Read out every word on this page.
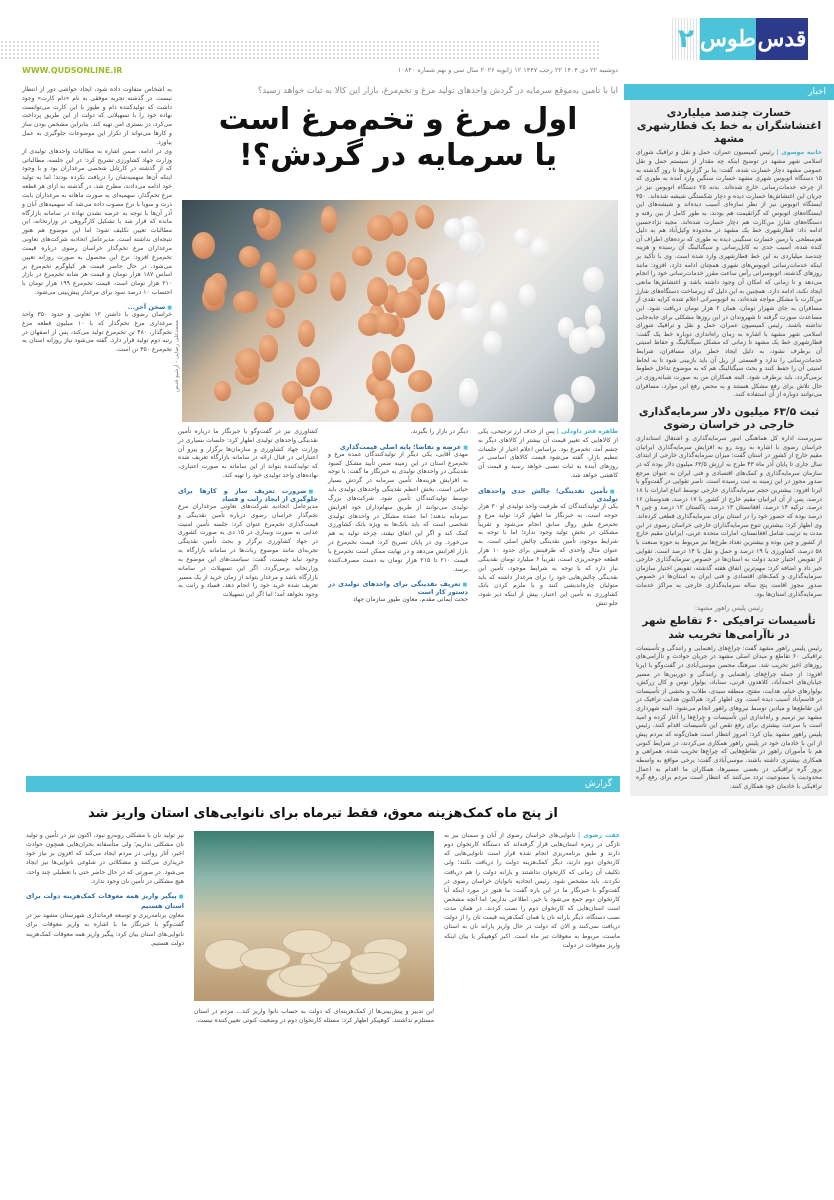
۲ طوس قدس
دوشنبه ۲۲ دی ۱۴۰۴ ۲۲ رجب ۱۴۴۷ ۱۲ ژانویه ۲۰۲۶ سال سی و نهم شماره ۱۰۸۴۰
WWW.QUDSONLINE.IR
اخبار
خسارت چندصد میلیاردی اغتشاشگران به خط یک قطارشهری مشهد

حانیه موسوی | رئیس کمیسیون عمران، حمل و نقل و ترافیک شورای اسلامی شهر مشهد در توضیح اینکه چه مقدار از سیستم حمل و نقل عمومی مشهد دچار خسارت شده، گفت: بنا بر گزارش‌ها تا روز گذشته به ۱۵ دستگاه اتوبوس شهری مشهد خسارت سنگین وارد آمده به طوری که از چرخه خدمات‌رسانی خارج شده‌اند. بدنه ۲۵ دستگاه اتوبوس نیز در جریان این اغتشاش‌ها خسارت دیده و دچار شکستگی شیشه شده‌اند. ۳۵۰ ایستگاه اتوبوس نیز از نظر سازه‌ای آسیب دیده‌اند و شیشه‌های این ایستگاه‌های اتوبوس که گرانقیمت هم بودند، به طور کامل از بین رفته و دستگاه‌های شارژ من‌کارت هم دچار خسارت شده‌اند. مجید نژادحسین ادامه داد: قطارشهری خط یک مشهد در محدوده وکیل‌آباد هم به دلیل هم‌سطحی با زمین خسارت سنگینی دیده به طوری که نرده‌های اطراف آن کنده شده، آسیب جدی به کابل‌رسانی و سیگنالینگ آن رسیده و هزینه چندصد میلیاردی به این خط قطارشهری وارد شده است. وی با تأکید بر اینکه خدمات‌رسانی اتوبوس‌های شهری همچنان ادامه دارد، افزود: مانند روزهای گذشته، اتوبوسرانی رأس ساعت مقرر خدمات‌رسانی خود را انجام می‌دهد و تا زمانی که امکان آن وجود داشته باشد و اغتشاش‌ها مانعی ایجاد نکند، ادامه دارد. همچنین به این دلیل که زیرساخت دستگاه‌های شارژ من‌کارت با مشکل مواجه شده‌اند، به اتوبوسرانی اعلام شده کرایه نقدی از مسافران به جای شهزار تومان، همان ۲ هزار تومان دریافت شود. این مساعدت صورت گرفته تا شهروندان در این روزها مشکلی برای جابه‌جایی نداشته باشند. رئیس کمیسیون عمران، حمل و نقل و ترافیک شورای اسلامی شهر مشهد با اشاره به زمان راه‌اندازی دوباره خط یک گفت: قطارشهری خط یک مشهد تا زمانی که مشکل سیگنالینگ و حفاظ امنیتی آن برطرف نشود، به دلیل ایجاد خطر برای مسافران، شرایط خدمات‌رسانی را ندارد و قسمتی از ریل آن باید بازبینی شود تا به لحاظ امنیتی آن را حفظ کنند و بحث سیگنالینگ هم که به موضوع تداخل خطوط برمی‌گردد، باید برطرف شود. البته همکاران من به صورت شبانه‌روزی در حال تلاش برای رفع مشکل هستند و به محض رفع این موارد، مسافران می‌توانند دوباره از آن استفاده کنند.

ثبت ۶۳/۵ میلیون دلار سرمایه‌گذاری خارجی در خراسان رضوی

سرپرست اداره کل هماهنگی امور سرمایه‌گذاری و اشتغال استانداری خراسان رضوی با اشاره به روند رو به افزایش سرمایه‌گذاری ایرانیان مقیم خارج از کشور در استان گفت: میزان سرمایه‌گذاری خارجی از ابتدای سال جاری تا پایان آذر ماه ۴۳ طرح به ارزش ۶۳/۵ میلیون دلار بوده که در سازمان سرمایه‌گذاری و کمک‌های اقتصادی و فنی ایران به عنوان مرجع صدور مجوز در این زمینه به ثبت رسیده است. ناصر تقوایی در گفت‌وگو با ایرنا افزود: بیشترین حجم سرمایه‌گذاری خارجی توسط اتباع امارات با ۱۸ درصد، پس از آن ایرانیان مقیم خارج از کشور با ۱۷ درصد، هندوستان ۱۶ درصد، ترکیه ۱۴ درصد، افغانستان ۱۳ درصد، پاکستان ۱۲ درصد و چین ۹ درصد بوده که حضور خود را در استان برای سرمایه‌گذاری قطعی کرده‌اند. وی اظهار کرد: بیشترین تنوع سرمایه‌گذاران خارجی خراسان رضوی در این مدت به ترتیب شامل افغانستان، امارات متحده عربی، ایرانیان مقیم خارج از کشور و چین بوده و بیشترین تعداد طرح‌ها نیز مربوط به حوزه صنعت با ۵۸ درصد، کشاورزی با ۱۹ درصد و حمل و نقل با ۱۴ درصد است. تقوایی از تفویض اختیار جدید دولت به استان‌ها در خصوص سرمایه‌گذاری خارجی خبر داد و اضافه کرد: مهم‌ترین اتفاق هفته گذشته، تفویض اختیار سازمان سرمایه‌گذاری و کمک‌های اقتصادی و فنی ایران به استان‌ها در خصوص صدور مجوز اقامت پنج ساله سرمایه‌گذاری خارجی به مراکز خدمات سرمایه‌گذاری استان‌ها بود.

رئیس پلیس راهور مشهد:
تأسیسات ترافیکی ۶۰ تقاطع شهر در ناآرامی‌ها تخریب شد

رئیس پلیس راهور مشهد گفت: چراغ‌های راهنمایی و رانندگی و تأسیسات ترافیکی ۶۰ تقاطع و میدان اصلی مشهد در جریان حوادث و ناآرامی‌های روزهای اخیر تخریب شد. سرهنگ محسن موسی‌آبادی در گفت‌وگو با ایرنا افزود: از جمله چراغ‌های راهنمایی و رانندگی و دوربین‌ها در مسیر خیابان‌های احمدآباد، کلاهدوز، قرنی، سناباد، بولوار توس و کال زرکش، بولوارهای خیام، هدایت، مفتح، منطقه سیدی، طلاب و بخشی از تأسیسات در قاسم‌آباد آسیب دیده است. وی اظهار کرد: هم‌اکنون هدایت ترافیک در این تقاطع‌ها و میادین توسط نیروهای راهور انجام می‌شود. البته شهرداری مشهد نیز ترمیم و راه‌اندازی این تأسیسات و چراغ‌ها را آغاز کرده و امید است با سرعت بیشتری برای رفع نقص این تأسیسات اقدام کنند. رئیس پلیس راهور مشهد بیان کرد: امروز انتظار است همان‌گونه که مردم پیش از این با خادمان خود در پلیس راهور همکاری می‌کردند، در شرایط کنونی هم با مأموران راهور در تقاطع‌هایی که چراغ‌ها تخریب شده، همراهی و همکاری بیشتری داشته باشند. موسی‌آبادی گفت: برخی مواقع به واسطه بروز گره ترافیکی در بعضی مسیرها، همکاران ما اقدام به اعمال محدودیت یا ممنوعیت تردد می‌کنند که انتظار است مردم برای رفع گره ترافیکی با خادمان خود همکاری کنند.

آیا با تأمین به‌موقع سرمایه در گردش واحدهای تولید مرغ و تخم‌مرغ، بازار این کالا به ثبات خواهد رسید؟
اول مرغ و تخم‌مرغ است
یا سرمایه در گردش؟!

به اشخاص متفاوت داده شود، ایجاد حواشی دور از انتظار نیست. در گذشته تجربه موفقی به نام «دام کارت» وجود داشت که تولیدکننده دام و طیور با این کارت می‌توانست نهاده خود را با تسهیلاتی که دولت از این طریق پرداخت می‌کرد، در بستری امن تهیه کند. بنابراین مشخص بودن ساز و کارها می‌تواند از تکرار این موضوعات جلوگیری به عمل بیاورد.

وی در ادامه، ضمن اشاره به مطالبات واحدهای تولیدی از وزارت جهاد کشاورزی تشریح کرد: در این جلسه، مطالباتی که از گذشته در کارتابل شخصی مرغداران بود و با وجود اینکه آن‌ها سهمیه‌شان را دریافت نکرده بودند؛ اما به تولید خود ادامه می‌دادند، مطرح شد. در گذشته به ازای هر قطعه مرغ تخم‌گذار، سهمیه‌ای به صورت ماهانه به مرغداران بابت ذرت و سویا با نرخ مصوب داده می‌شد که سهمیه‌های آبان و آذر آن‌ها با توجه به عرضه نشدن نهاده در سامانه بازارگاه مانده که قرار شد با تشکیل کارگروهی در وزارتخانه، این مطالبات تعیین تکلیف شود؛ اما این موضوع هم هنوز نتیجه‌ای نداشته است. مدیرعامل اتحادیه شرکت‌های تعاونی مرغداران مرغ تخم‌گذار خراسان رضوی درباره قیمت تخم‌مرغ افزود: نرخ این محصول به صورت روزانه تعیین می‌شود. در حال حاضر قیمت هر کیلوگرم تخم‌مرغ بر اساس ۱۸۷ هزار تومان و قیمت هر شانه تخم‌مرغ در بازار ۲۱۰ هزار تومان است. قیمت تخم‌مرغ ۱۹۹ هزار تومان با احتساب ۱۰ درصد سود برای مرغدار پیش‌بینی می‌شود.

■ سخن آخر...

خراسان رضوی با داشتن ۱۲ تعاونی و حدود ۳۵۰ واحد مرغداری مرغ تخم‌گذار که با ۱۰ میلیون قطعه مرغ تخم‌گذار، ۴۸۰ تن تخم‌مرغ تولید می‌کند، پس از اصفهان در رتبه دوم تولید قرار دارد. گفته می‌شود نیاز روزانه استان به تخم‌مرغ ۳۵۰ تن است. محمدعلی رضایی - آرشیو قدس

طاهره فخر داودلی | پس از حذف ارز ترجیحی، یکی از کالاهایی که تغییر قیمت آن بیشتر از کالاهای دیگر به چشم آمد، تخم‌مرغ بود. براساس اعلام اخبار از جلسات تنظیم بازار، گفته می‌شود قیمت کالاهای اساسی در روزهای آینده به ثبات نسبی خواهد رسید و قیمت آن کاهشی خواهد شد.

■ تأمین نقدینگی؛ چالش جدی واحدهای تولیدی

یکی از تولیدکنندگان که ظرفیت واحد تولیدی او ۳۰ هزار جوجه است، به خبرنگار ما اظهار کرد: تولید مرغ و تخم‌مرغ طبق روال سابق انجام می‌شود و تقریباً مشکلی در بخش تولید وجود ندارد؛ اما با توجه به شرایط موجود، تأمین نقدینگی چالش اصلی است. به عنوان مثال واحدی که ظرفیتش برای حدود ۱۰ هزار قطعه جوجه‌ریزی است، تقریباً ۶ میلیارد تومان نقدینگی نیاز دارد که با توجه به شرایط موجود، تأمین این نقدینگی چالش‌هایی خود را برای مرغدار داشته که باید متولیان چاره‌اندیشی کنند و با ملزم کردن بانک کشاورزی به تأمین این اعتبار، پیش از اینکه دیر شود، جلو تنش

دیگر در بازار را بگیرند.

■ عرضه و تقاضا؛ پایه اصلی قیمت‌گذاری

مهدی آقایی، یکی دیگر از تولیدکنندگان عمده مرغ و تخم‌مرغ استان در این زمینه ضمن تأیید مشکل کمبود نقدینگی در واحدهای تولیدی به خبرنگار ما گفت: با توجه به افزایش هزینه‌ها، تأمین سرمایه در گردش بسیار حیاتی است. بخش اعظم نقدینگی واحدهای تولیدی باید توسط تولیدکنندگان تأمین شود. شرکت‌های بزرگ تولیدی می‌توانند از طریق سهام‌داران خود افزایش سرمایه بدهند؛ اما عمده مشکل در واحدهای تولیدی شخصی است که باید بانک‌ها به ویژه بانک کشاورزی کمک کند و اگر این اتفاق نیفتد، چرخه تولید به هم می‌خورد. وی در پایان تصریح کرد: قیمت تخم‌مرغ در بازار افزایش می‌دهد و در نهایت ممکن است تخم‌مرغ با قیمت ۲۱۰ تا ۲۱۵ هزار تومان به دست مصرف‌کننده برسد.

■ تعریف نقدینگی برای واحدهای تولیدی در دستور کار است

حجت ایمانی مقدم، معاون طیور سازمان جهاد

کشاورزی نیز در گفت‌وگو با خبرنگار ما درباره تأمین نقدینگی واحدهای تولیدی اظهار کرد: جلسات بسیاری در وزارت جهاد کشاورزی و سازمان‌ها برگزار و پیرو آن اعتباراتی در قبال ارائه در سامانه بازارگاه تعریف شده که تولیدکننده بتواند از این سامانه به صورت اعتباری، نهاده‌های واحد تولیدی خود را تهیه کند.

■ ضرورت تعریف ساز و کارها برای جلوگیری از ایجاد رانت و فساد

مدیرعامل اتحادیه شرکت‌های تعاونی مرغداران مرغ تخم‌گذار خراسان رضوی درباره تأمین نقدینگی و قیمت‌گذاری تخم‌مرغ عنوان کرد: جلسه تأمین امنیت غذایی به صورت وبیناری در ۱۵ دی به صورت کشوری در جهاد کشاورزی برگزار و بحث تأمین نقدینگی تجربه‌ای مانند موضوع ربات‌ها در سامانه بازارگاه به وجود نباید چیست، گفت: سیاست‌های این موضوع به وزارتخانه برمی‌گردد. اگر این تسهیلات در سامانه بازارگاه باشد و مرغدار بتواند از زمان خرید از یک مسیر تعریف شده خرید خود را انجام دهد، فساد و رانت به وجود نخواهد آمد؛ اما اگر این تسهیلات

گزارش
از پنج ماه کمک‌هزینه معوق، فقط تیرماه برای نانوایی‌های استان واریز شد
عفت رضوی | نانوایی‌های خراسان رضوی از آبان و سمنان نیز به تازگی در زمره استان‌هایی قرار گرفته‌اند که دستگاه کارتخوان دوم دارند و طبق برنامه‌ریزی انجام شده قرار است نانوایی‌هایی که کارتخوان دوم دارند، دیگر کمک‌هزینه دولت را دریافت نکنند؛ ولی تکلیف آن زمانی که کارتخوان نداشتند و یارانه دولت را هم دریافت نکردند، باید مشخص شود. رئیس اتحادیه نانوایان خراسان رضوی در گفت‌وگو با خبرنگار ما در این باره گفت: ما هنوز در مورد اینکه آیا کارتخوان دوم جمع می‌شود یا خیر، اطلاعی نداریم؛ اما آنچه مشخص است استان‌هایی که کارتخوان دوم را نصب کردند، در همان مدت نصب دستگاه، دیگر یارانه نان یا همان کمک‌هزینه قیمت نان را از دولت دریافت نمی‌کنند و الان که دولت در حال واریز یارانه نان به استان ماست، مربوط به معوقات تیر ماه است. اکبر کوهپیکر با بیان اینکه واریز معوقات در دولت
این تدبیر و پیش‌بینی‌ها از کمک‌هزینه‌ای که دولت به حساب نانوا واریز کند... مردم در استان مستلزم نداشتند. کوهپیکر اظهار کرد: مسئله کارتخوان دوم در وضعیت کنونی تعیین‌کننده نیست.

نیز تولید نان با مشکلی روبه‌رو نبود، اکنون نیز در تأمین و تولید نان مشکلی نداریم؛ ولی متأسفانه بحران‌هایی همچون حوادث اخیر، آثار روانی در مردم ایجاد می‌کند که افزون بر نیاز خود خریداری می‌کنند و مشکلاتی در شلوغی نانوایی‌ها نیز ایجاد می‌شود. در صورتی که در حال حاضر حتی با تعطیلی چند واحد، هیچ مشکلی در تأمین نان وجود ندارد.

■ پیگیر واریز همه معوقات کمک‌هزینه دولت برای استان هستیم

معاون برنامه‌ریزی و توسعه فرمانداری شهرستان مشهد نیز در گفت‌وگو با خبرنگار ما با اشاره به واریز معوقات برای نانوایی‌های استان بیان کرد: پیگیر واریز همه معوقات کمک‌هزینه دولت هستیم.
